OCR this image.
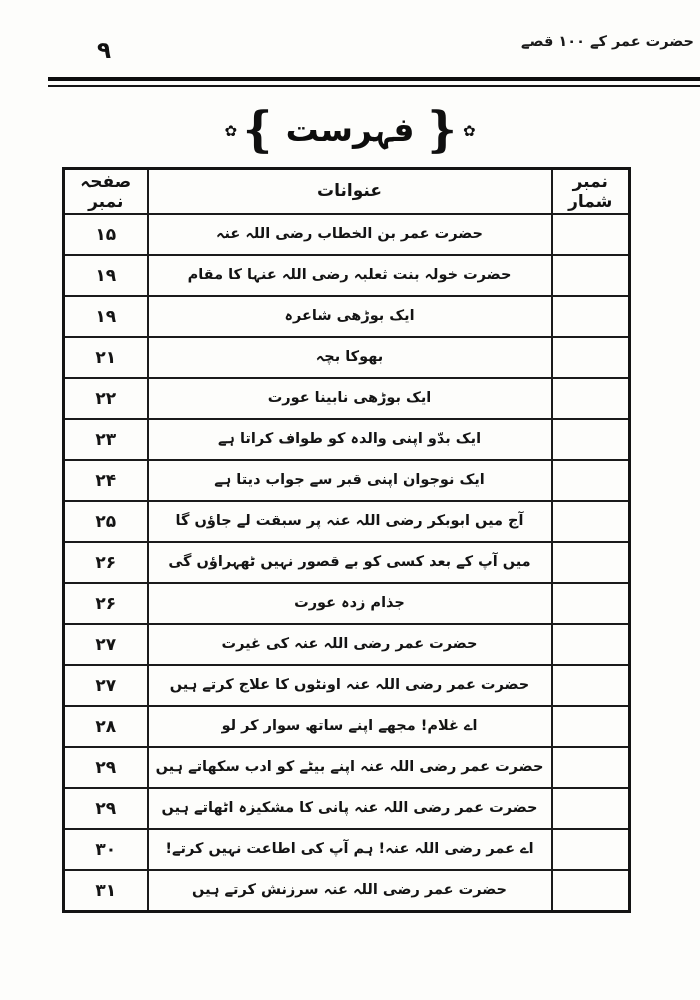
۹	حضرت عمر کے ۱۰۰ قصے
✿ ❴ فہرست ❵ ✿
نمبر شمار	عنوانات	صفحہ نمبر
	حضرت عمر بن الخطاب رضی اللہ عنہ	۱۵
	حضرت خولہ بنت ثعلبہ رضی اللہ عنہا کا مقام	۱۹
	ایک بوڑھی شاعرہ	۱۹
	بھوکا بچہ	۲۱
	ایک بوڑھی نابینا عورت	۲۲
	ایک بدّو اپنی والدہ کو طواف کراتا ہے	۲۳
	ایک نوجوان اپنی قبر سے جواب دیتا ہے	۲۴
	آج میں ابوبکر رضی اللہ عنہ پر سبقت لے جاؤں گا	۲۵
	میں آپ کے بعد کسی کو بے قصور نہیں ٹھہراؤں گی	۲۶
	جذام زدہ عورت	۲۶
	حضرت عمر رضی اللہ عنہ کی غیرت	۲۷
	حضرت عمر رضی اللہ عنہ اونٹوں کا علاج کرتے ہیں	۲۷
	اے غلام! مجھے اپنے ساتھ سوار کر لو	۲۸
	حضرت عمر رضی اللہ عنہ اپنے بیٹے کو ادب سکھاتے ہیں	۲۹
	حضرت عمر رضی اللہ عنہ پانی کا مشکیزہ اٹھاتے ہیں	۲۹
	اے عمر رضی اللہ عنہ! ہم آپ کی اطاعت نہیں کرتے!	۳۰
	حضرت عمر رضی اللہ عنہ سرزنش کرتے ہیں	۳۱
